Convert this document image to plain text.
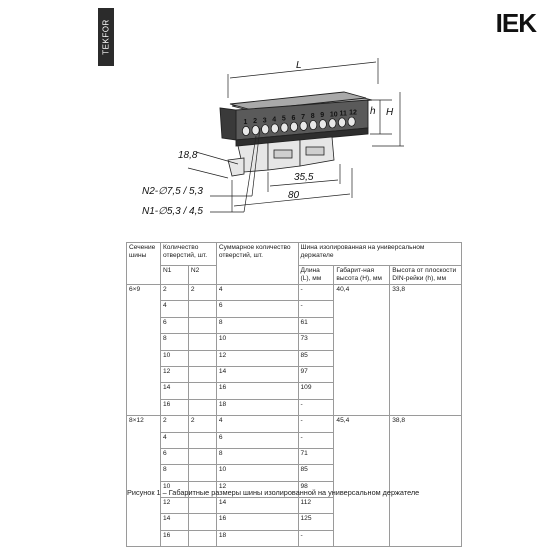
TEKFOR	IEK
1 2 3 4 5 6 7 8 9 10 11 12
L
h H
18,8
35,5
80
N2-∅7,5 / 5,3
N1-∅5,3 / 4,5
Сечение шины	Количество отверстий, шт.		Суммарное количество отверстий, шт.	Шина изолированная на универсальном держателе		
	N1	N2		Длина (L), мм	Габарит-ная высота (H), мм	Высота от плоскости DIN-рейки (h), мм
6×9	2	2	4	-	40,4	33,8
	4		6	-		
	6		8	61		
	8		10	73		
	10		12	85		
	12		14	97		
	14		16	109		
	16		18	-		
8×12	2	2	4	-	45,4	38,8
	4		6	-		
	6		8	71		
	8		10	85		
	10		12	98		
	12		14	112		
	14		16	125		
	16		18	-		
Рисунок 1 – Габаритные размеры шины изолированной на универсальном держателе
